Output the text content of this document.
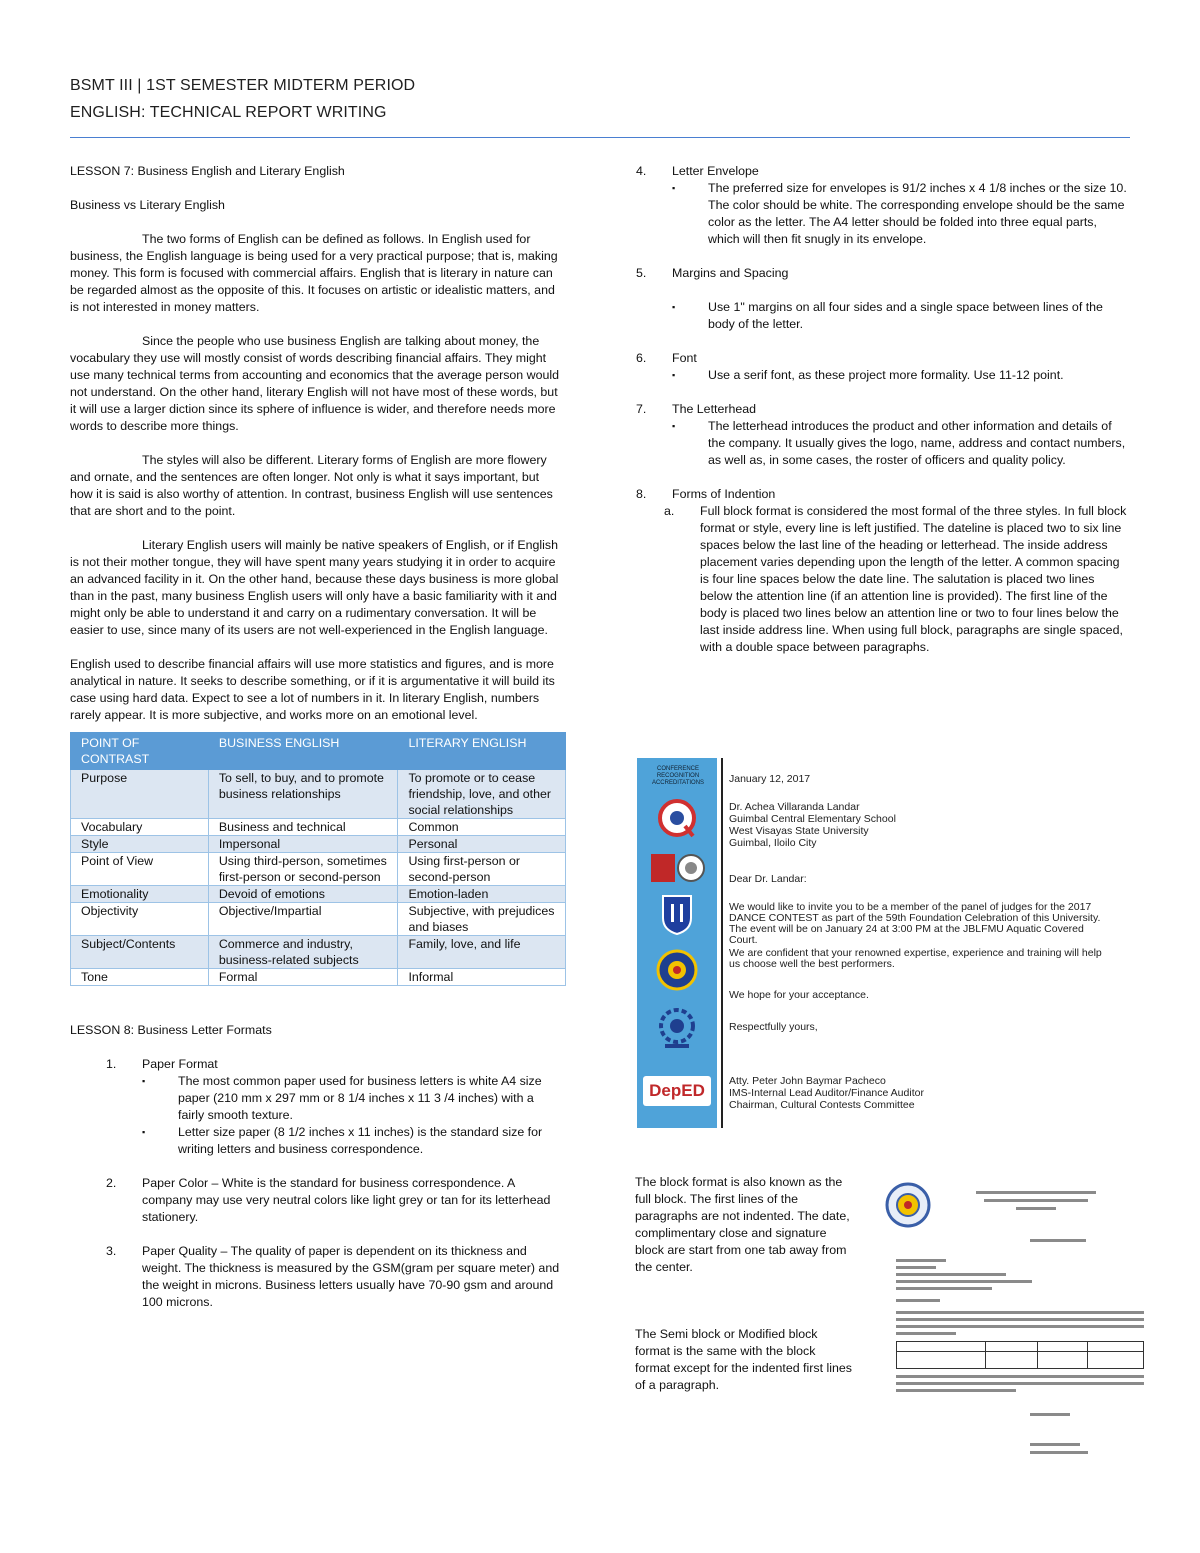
BSMT III | 1ST SEMESTER MIDTERM PERIOD
ENGLISH: TECHNICAL REPORT WRITING

LESSON 7: Business English and Literary English

Business vs Literary English

The two forms of English can be defined as follows. In English used for business, the English language is being used for a very practical purpose; that is, making money. This form is focused with commercial affairs. English that is literary in nature can be regarded almost as the opposite of this. It focuses on artistic or idealistic matters, and is not interested in money matters.

Since the people who use business English are talking about money, the vocabulary they use will mostly consist of words describing financial affairs. They might use many technical terms from accounting and economics that the average person would not understand. On the other hand, literary English will not have most of these words, but it will use a larger diction since its sphere of influence is wider, and therefore needs more words to describe more things.

The styles will also be different. Literary forms of English are more flowery and ornate, and the sentences are often longer. Not only is what it says important, but how it is said is also worthy of attention. In contrast, business English will use sentences that are short and to the point.

Literary English users will mainly be native speakers of English, or if English is not their mother tongue, they will have spent many years studying it in order to acquire an advanced facility in it. On the other hand, because these days business is more global than in the past, many business English users will only have a basic familiarity with it and might only be able to understand it and carry on a rudimentary conversation. It will be easier to use, since many of its users are not well-experienced in the English language.

English used to describe financial affairs will use more statistics and figures, and is more analytical in nature. It seeks to describe something, or if it is argumentative it will build its case using hard data. Expect to see a lot of numbers in it. In literary English, numbers rarely appear. It is more subjective, and works more on an emotional level.

POINT OF CONTRAST	BUSINESS ENGLISH	LITERARY ENGLISH
Purpose	To sell, to buy, and to promote business relationships	To promote or to cease friendship, love, and other social relationships
Vocabulary	Business and technical	Common
Style	Impersonal	Personal
Point of View	Using third-person, sometimes first-person or second-person	Using first-person or second-person
Emotionality	Devoid of emotions	Emotion-laden
Objectivity	Objective/Impartial	Subjective, with prejudices and biases
Subject/Contents	Commerce and industry, business-related subjects	Family, love, and life
Tone	Formal	Informal

LESSON 8: Business Letter Formats

1. Paper Format
▪	The most common paper used for business letters is white A4 size paper (210 mm x 297 mm or 8 1/4 inches x 11 3 /4 inches) with a fairly smooth texture.
▪	Letter size paper (8 1/2 inches x 11 inches) is the standard size for writing letters and business correspondence.
2. Paper Color – White is the standard for business correspondence. A company may use very neutral colors like light grey or tan for its letterhead stationery.
3. Paper Quality – The quality of paper is dependent on its thickness and weight. The thickness is measured by the GSM(gram per square meter) and the weight in microns. Business letters usually have 70-90 gsm and around 100 microns.
4. Letter Envelope
▪	The preferred size for envelopes is 91/2 inches x 4 1/8 inches or the size 10. The color should be white. The corresponding envelope should be the same color as the letter. The A4 letter should be folded into three equal parts, which will then fit snugly in its envelope.
5. Margins and Spacing
▪	Use 1" margins on all four sides and a single space between lines of the body of the letter.
6. Font
▪	Use a serif font, as these project more formality. Use 11-12 point.
7. The Letterhead
▪	The letterhead introduces the product and other information and details of the company. It usually gives the logo, name, address and contact numbers, as well as, in some cases, the roster of officers and quality policy.
8. Forms of Indention
a. Full block format is considered the most formal of the three styles. In full block format or style, every line is left justified. The dateline is placed two to six line spaces below the last line of the heading or letterhead. The inside address placement varies depending upon the length of the letter. A common spacing is four line spaces below the date line. The salutation is placed two lines below the attention line (if an attention line is provided). The first line of the body is placed two lines below an attention line or two to four lines below the last inside address line. When using full block, paragraphs are single spaced, with a double space between paragraphs.
CONFERENCE RECOGNITION ACCREDITATIONS
DepED
January 12, 2017
Dr. Achea Villaranda Landar
Guimbal Central Elementary School
West Visayas State University
Guimbal, Iloilo City
Dear Dr. Landar:
We would like to invite you to be a member of the panel of judges for the 2017 DANCE CONTEST as part of the 59th Foundation Celebration of this University. The event will be on January 24 at 3:00 PM at the JBLFMU Aquatic Covered Court.
We are confident that your renowned expertise, experience and training will help us choose well the best performers.
We hope for your acceptance.
Respectfully yours,
Atty. Peter John Baymar Pacheco
IMS-Internal Lead Auditor/Finance Auditor
Chairman, Cultural Contests Committee

The block format is also known as the full block. The first lines of the paragraphs are not indented. The date, complimentary close and signature block are start from one tab away from the center.

The Semi block or Modified block format is the same with the block format except for the indented first lines of a paragraph.
